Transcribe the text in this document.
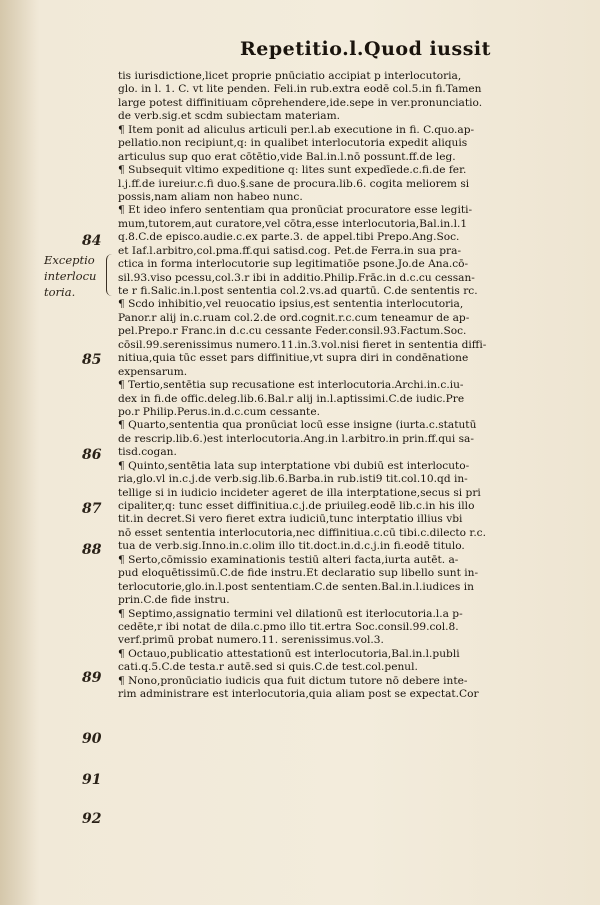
Repetitio.l.Quod iussit
Exceptio
interlocu
toria.
84
85
86
87
88
89
90
91
92
tis iurisdictione,licet proprie pnūciatio accipiat p interlocutoria,
glo. in l. 1. C. vt lite penden. Feli.in rub.extra eodē col.5.in fi.Tamen
large potest diffinitiuam cōprehendere,ide.sepe in ver.pronunciatio.
de verb.sig.et scdm subiectam materiam.
¶ Item ponit ad aliculus articuli per.l.ab executione in fi. C.quo.ap-
pellatio.non recipiunt,q: in qualibet interlocutoria expedit aliquis
articulus sup quo erat cōtētio,vide Bal.in.l.nō possunt.ff.de leg.
¶ Subsequit vltimo expeditione q: lites sunt expedīede.c.fi.de fer.
l.j.ff.de iureiur.c.fi duo.§.sane de procura.lib.6. cogita meliorem si
possis,nam aliam non habeo nunc.
¶ Et ideo infero sententiam qua pronūciat procuratore esse legiti-
mum,tutorem,aut curatore,vel cōtra,esse interlocutoria,Bal.in.l.1
q.8.C.de episco.audie.c.ex parte.3. de appel.tibi Prepo.Ang.Soc.
et Iaf.l.arbitro,col.pma.ff.qui satisd.cog. Pet.de Ferra.in sua pra-
ctica in forma interlocutorie sup legitimatiōe psone.Jo.de Ana.cō-
sil.93.viso pcessu,col.3.r ibi in additio.Philip.Frāc.in d.c.cu cessan-
te r fi.Salic.in.l.post sententia col.2.vs.ad quartū. C.de sententis rc.
¶ Scdo inhibitio,vel reuocatio ipsius,est sententia interlocutoria,
Panor.r alij in.c.ruam col.2.de ord.cognit.r.c.cum teneamur de ap-
pel.Prepo.r Franc.in d.c.cu cessante Feder.consil.93.Factum.Soc.
cōsil.99.serenissimus numero.11.in.3.vol.nisi fieret in sententia diffi-
nitiua,quia tūc esset pars diffinitiue,vt supra diri in condēnatione
expensarum.
¶ Tertio,sentētia sup recusatione est interlocutoria.Archi.in.c.iu-
dex in fi.de offic.deleg.lib.6.Bal.r alij in.l.aptissimi.C.de iudic.Pre
po.r Philip.Perus.in.d.c.cum cessante.
¶ Quarto,sententia qua pronūciat locū esse insigne (iurta.c.statutū
de rescrip.lib.6.)est interlocutoria.Ang.in l.arbitro.in prin.ff.qui sa-
tisd.cogan.
¶ Quinto,sentētia lata sup interptatione vbi dubiū est interlocuto-
ria,glo.vl in.c.j.de verb.sig.lib.6.Barba.in rub.isti9 tit.col.10.qd in-
tellige si in iudicio incideter ageret de illa interptatione,secus si pri
cipaliter,q: tunc esset diffinitiua.c.j.de priuileg.eodē lib.c.in his illo
tit.in decret.Si vero fieret extra iudiciū,tunc interptatio illius vbi
nō esset sententia interlocutoria,nec diffinitiua.c.cū tibi.c.dilecto r.c.
tua de verb.sig.Inno.in.c.olim illo tit.doct.in.d.c.j.in fi.eodē titulo.
¶ Serto,cōmissio examinationis testiū alteri facta,iurta autēt. a-
pud eloquētissimū.C.de fide instru.Et declaratio sup libello sunt in-
terlocutorie,glo.in.l.post sententiam.C.de senten.Bal.in.l.iudices in
prin.C.de fide instru.
¶ Septimo,assignatio termini vel dilationū est iterlocutoria.l.a p-
cedēte,r ibi notat de dila.c.pmo illo tit.ertra Soc.consil.99.col.8.
verf.primū probat numero.11. serenissimus.vol.3.
¶ Octauo,publicatio attestationū est interlocutoria,Bal.in.l.publi
cati.q.5.C.de testa.r autē.sed si quis.C.de test.col.penul.
¶ Nono,pronūciatio iudicis qua fuit dictum tutore nō debere inte-
rim administrare est interlocutoria,quia aliam post se expectat.Cor
